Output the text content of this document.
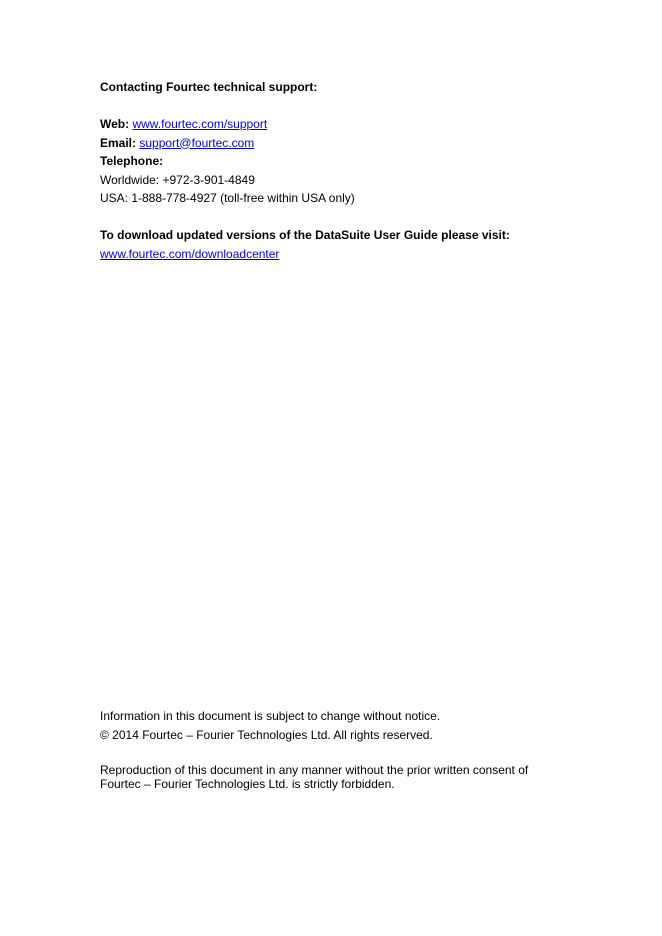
Contacting Fourtec technical support:
Web: www.fourtec.com/support
Email: support@fourtec.com
Telephone:
Worldwide: +972-3-901-4849
USA: 1-888-778-4927 (toll-free within USA only)
To download updated versions of the DataSuite User Guide please visit:
www.fourtec.com/downloadcenter
Information in this document is subject to change without notice.
© 2014 Fourtec – Fourier Technologies Ltd. All rights reserved.
Reproduction of this document in any manner without the prior written consent of
Fourtec – Fourier Technologies Ltd. is strictly forbidden.
